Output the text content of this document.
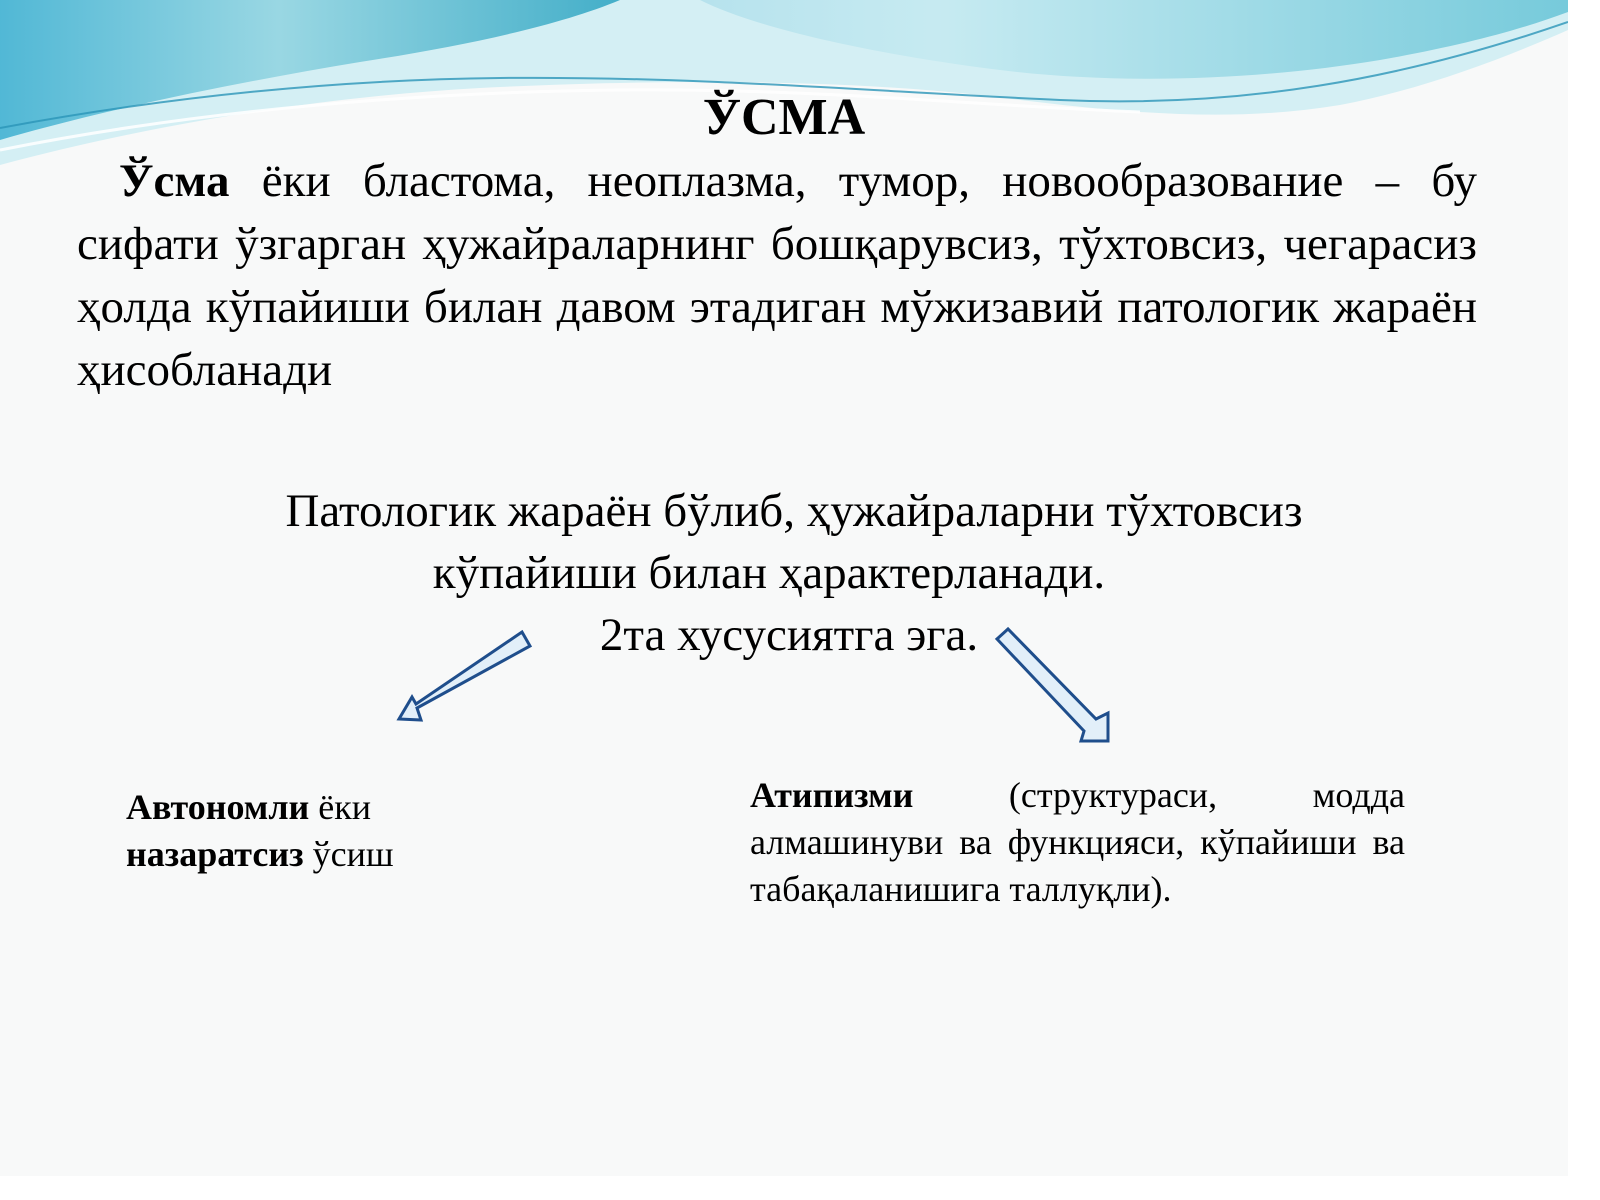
ЎСМА

Ўсма ёки бластома, неоплазма, тумор, новообразование – бу сифати ўзгарган ҳужайраларнинг бошқарувсиз, тўхтовсиз, чегарасиз ҳолда кўпайиши билан давом этадиган мўжизавий патологик жараён ҳисобланади

Патологик жараён бўлиб, ҳужайраларни тўхтовсиз
кўпайиши билан ҳарактерланади.
2та хусусиятга эга.

Автономли ёки
назаратсиз ўсиш

Атипизми (структураси, модда алмашинуви ва функцияси, кўпайиши ва табақаланишига таллуқли).
